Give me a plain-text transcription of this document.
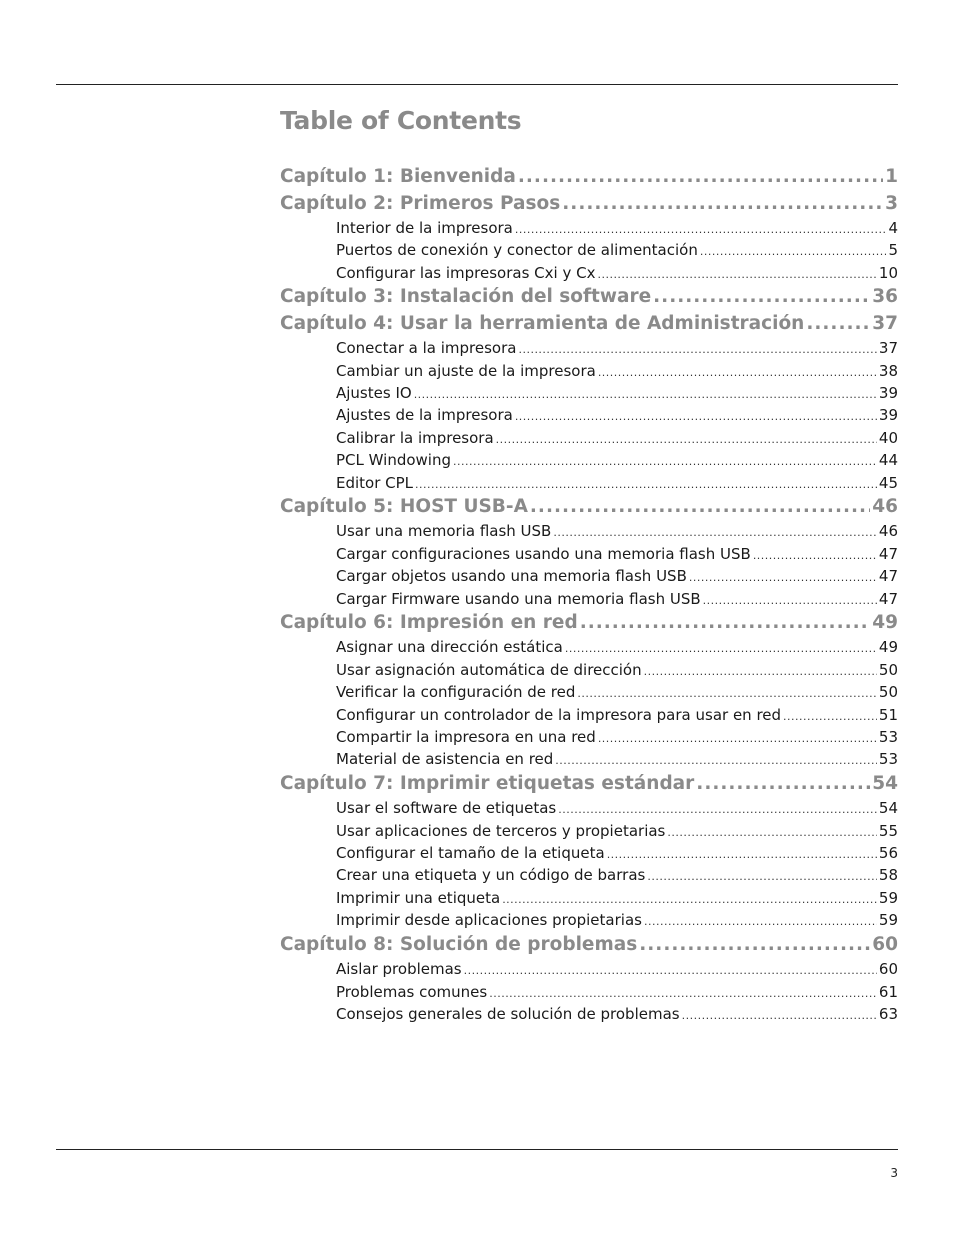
Table of Contents
Capítulo 1: Bienvenida .....	1
Capítulo 2: Primeros Pasos .....	3
Interior de la impresora .....	4
Puertos de conexión y conector de alimentación .....	5
Configurar las impresoras Cxi y Cx .....	10
Capítulo 3: Instalación del software .....	36
Capítulo 4: Usar la herramienta de Administración .....	37
Conectar a la impresora .....	37
Cambiar un ajuste de la impresora .....	38
Ajustes IO .....	39
Ajustes de la impresora .....	39
Calibrar la impresora .....	40
PCL Windowing .....	44
Editor CPL .....	45
Capítulo 5: HOST USB-A .....	46
Usar una memoria flash USB .....	46
Cargar configuraciones usando una memoria flash USB .....	47
Cargar objetos usando una memoria flash USB .....	47
Cargar Firmware usando una memoria flash USB .....	47
Capítulo 6: Impresión en red .....	49
Asignar una dirección estática .....	49
Usar asignación automática de dirección .....	50
Verificar la configuración de red .....	50
Configurar un controlador de la impresora para usar en red .....	51
Compartir la impresora en una red .....	53
Material de asistencia en red .....	53
Capítulo 7: Imprimir etiquetas estándar .....	54
Usar el software de etiquetas .....	54
Usar aplicaciones de terceros y propietarias .....	55
Configurar el tamaño de la etiqueta .....	56
Crear una etiqueta y un código de barras .....	58
Imprimir una etiqueta .....	59
Imprimir desde aplicaciones propietarias .....	59
Capítulo 8: Solución de problemas .....	60
Aislar problemas .....	60
Problemas comunes .....	61
Consejos generales de solución de problemas .....	63
3
